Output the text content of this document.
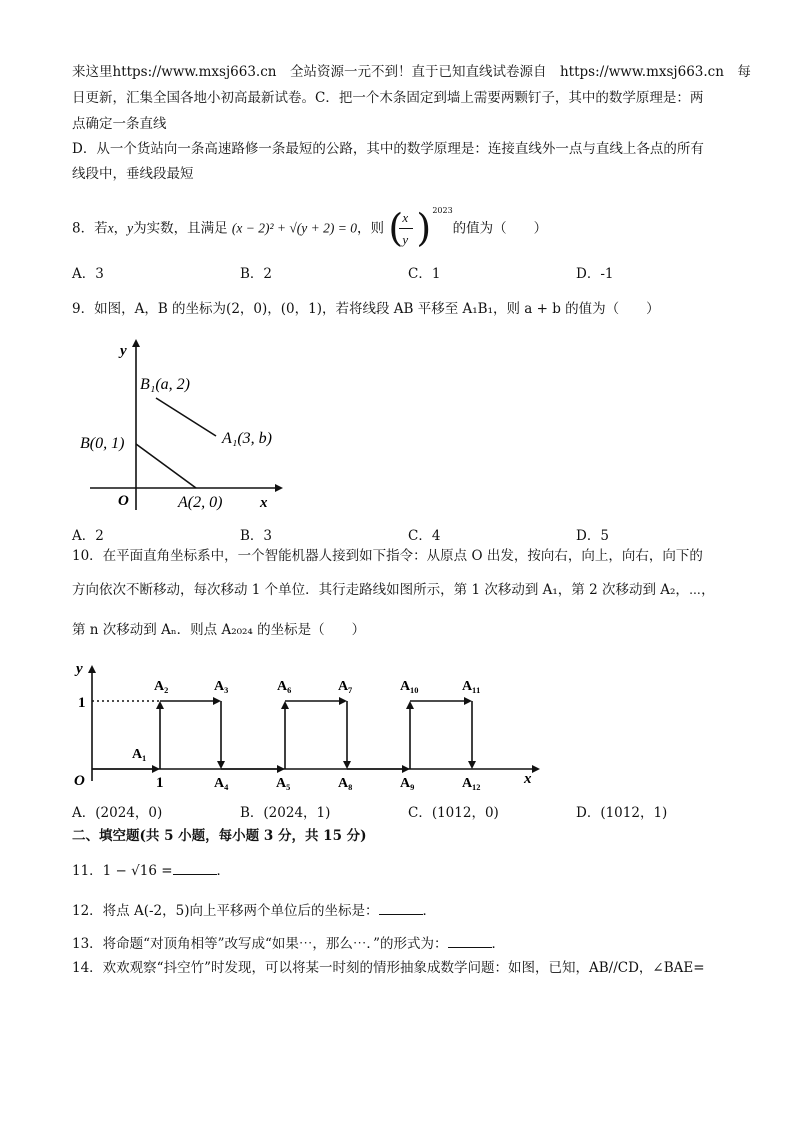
来这里https://www.mxsj663.cn　全站资源一元不到！直于已知直线试卷源自　https://www.mxsj663.cn　每
日更新，汇集全国各地小初高最新试卷。C．把一个木条固定到墙上需要两颗钉子，其中的数学原理是：两
点确定一条直线
D．从一个货站向一条高速路修一条最短的公路，其中的数学原理是：连接直线外一点与直线上各点的所有
线段中，垂线段最短
8．若x，y为实数，且满足 (x − 2)² + √(y + 2) = 0，则 ( x
y ) $^{2023}$的值为（　　）
A．3	B．2	C．1	D．-1
9．如图，A，B 的坐标为(2，0)，(0，1)，若将线段 AB 平移至 A₁B₁，则 a + b 的值为（　　）
y
x
O
B₁(a, 2)
A₁(3, b)
B(0, 1)
A(2, 0)
A．2	B．3	C．4	D．5
10．在平面直角坐标系中，一个智能机器人接到如下指令：从原点 O 出发，按向右，向上，向右，向下的
方向依次不断移动，每次移动 1 个单位．其行走路线如图所示，第 1 次移动到 A₁，第 2 次移动到 A₂，⋯，
第 n 次移动到 Aₙ．则点 A₂₀₂₄ 的坐标是（　　）
y
x
O
1
1
A₁
A₂	A₃
A₄	A₅
A₆	A₇
A₈	A₉
A₁₀	A₁₁
A₁₂
A．(2024，0)	B．(2024，1)	C．(1012，0)	D．(1012，1)
二、填空题(共 5 小题，每小题 3 分，共 15 分)
11．1 − √16 =	．
12．将点 A(-2，5)向上平移两个单位后的坐标是：	．
13．将命题“对顶角相等”改写成“如果⋯，那么⋯．”的形式为：	．
14．欢欢观察“抖空竹”时发现，可以将某一时刻的情形抽象成数学问题：如图，已知，AB//CD，∠BAE=
